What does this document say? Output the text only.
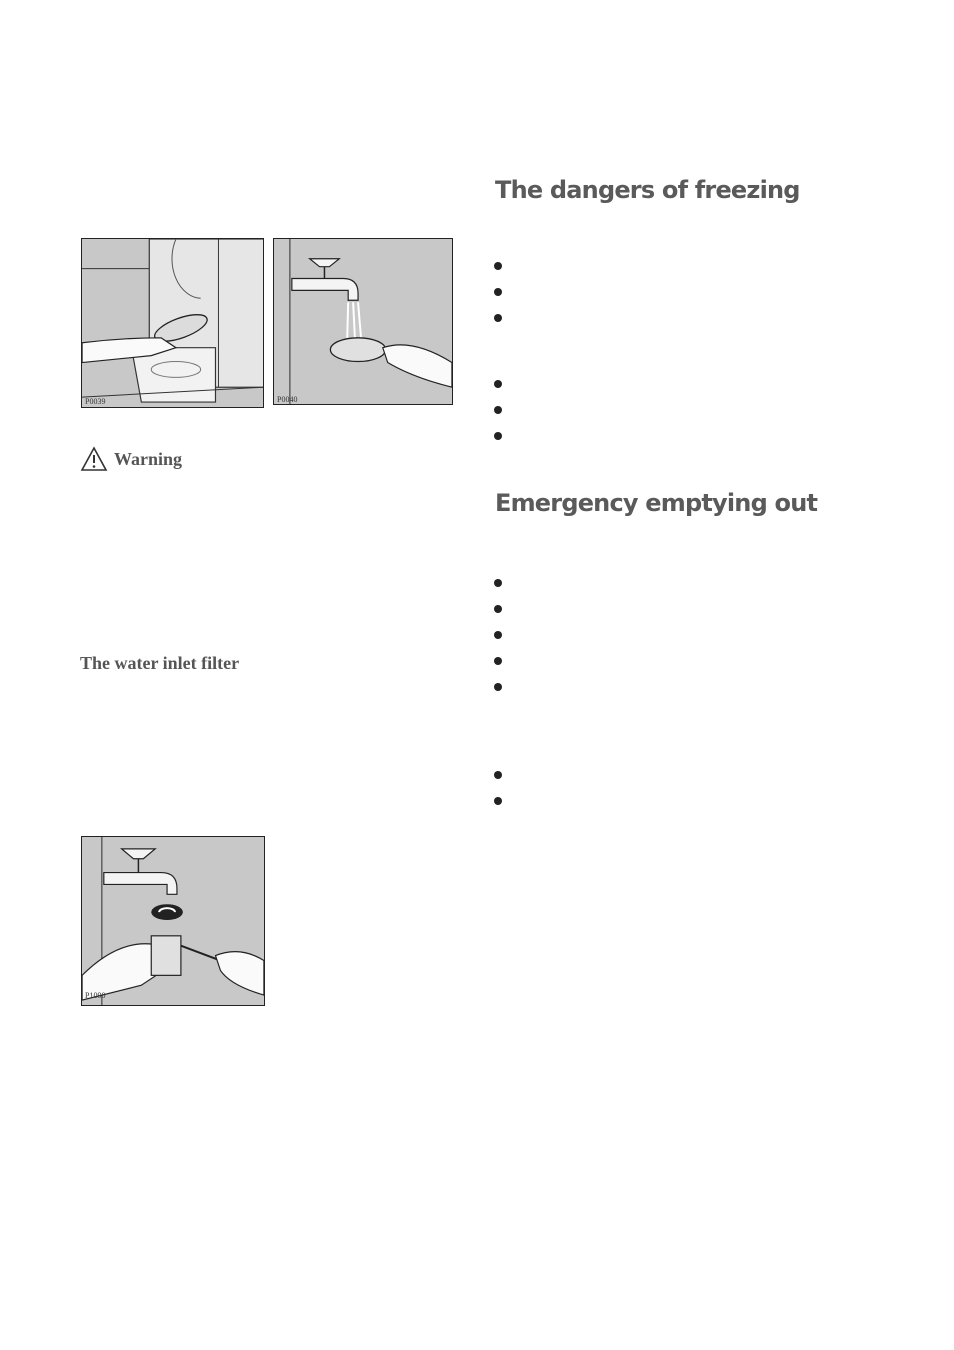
P0039	P0040
Warning
The water inlet filter
P1090
The dangers of freezing
Emergency emptying out
